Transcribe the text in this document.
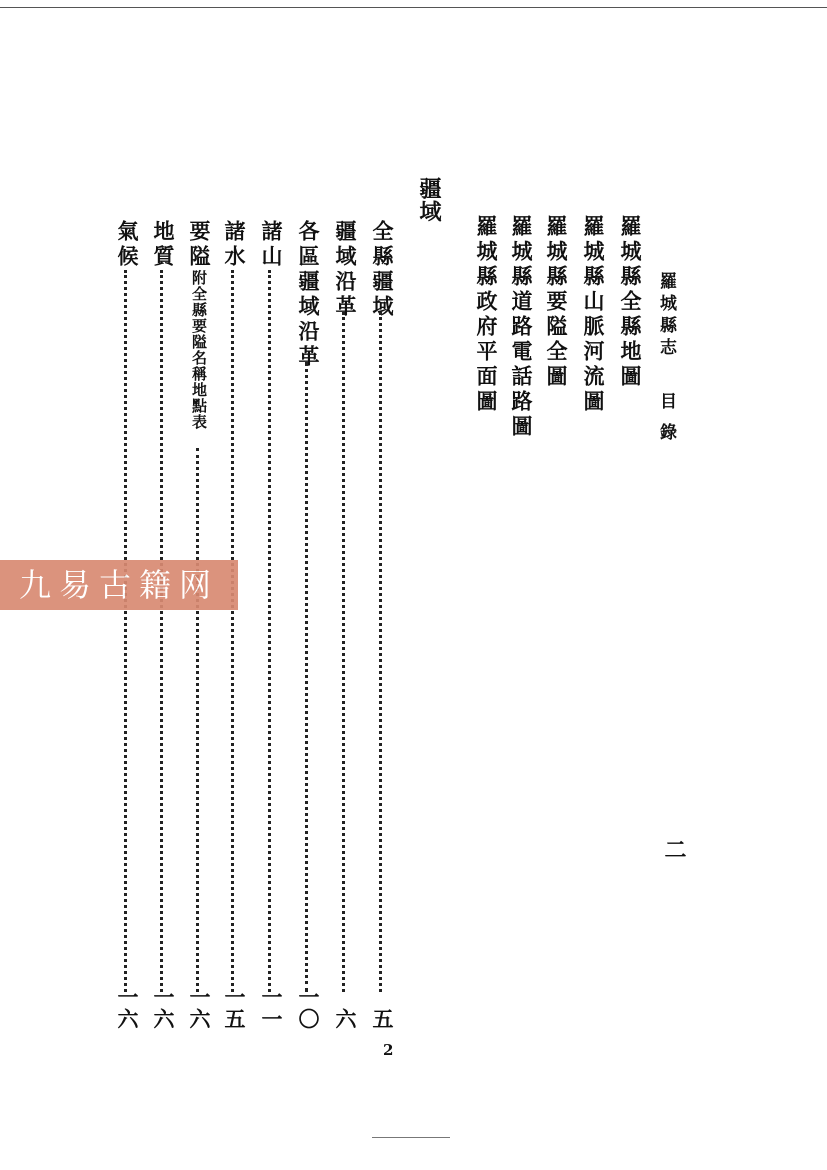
羅城縣志
目錄
二
羅城縣全縣地圖
羅城縣山脈河流圖
羅城縣要隘全圖
羅城縣道路電話路圖
羅城縣政府平面圖
疆域
全縣疆域
五
疆域沿革
六
各區疆域沿革
一〇
諸山
一一
諸水
一五
要隘附全縣要隘名稱地點表
一六
地質
一六
氣候
一六
九易古籍网
2
